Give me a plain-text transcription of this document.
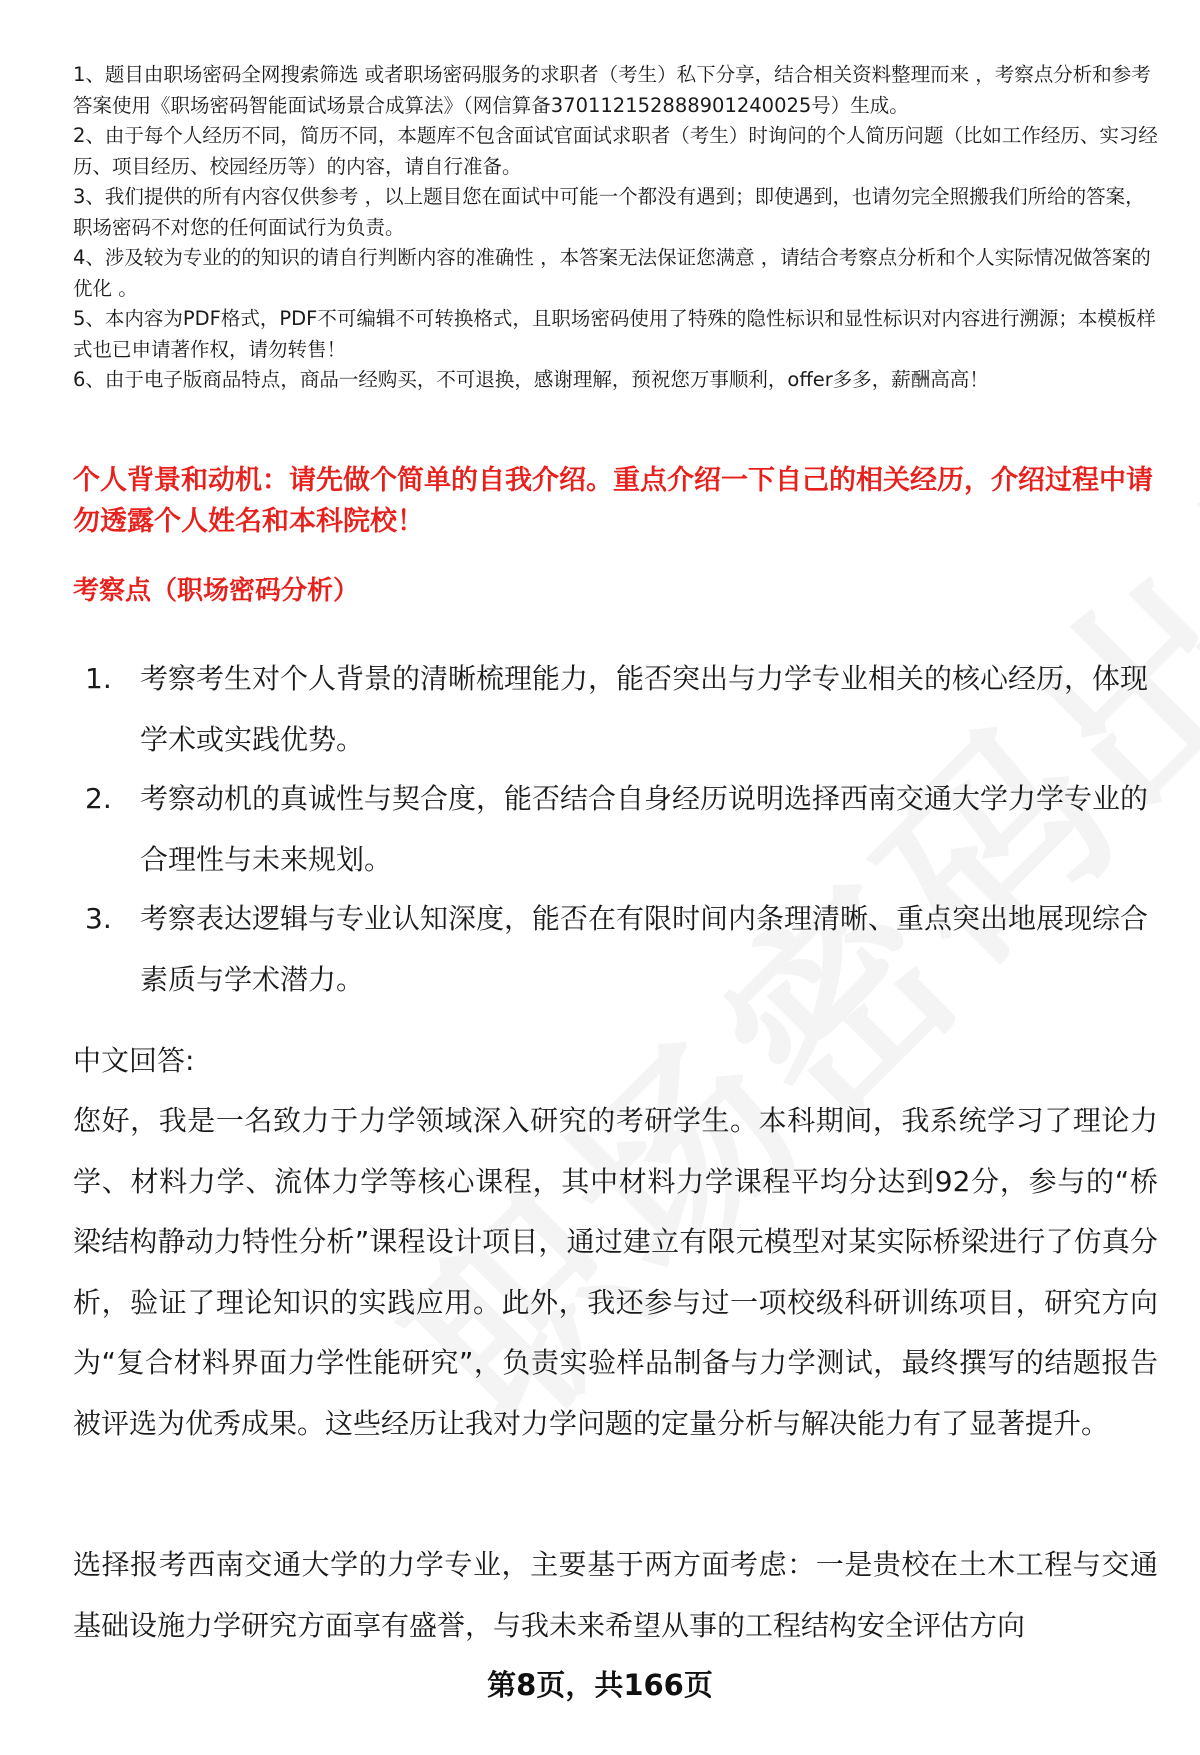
1、题目由职场密码全网搜索筛选 或者职场密码服务的求职者（考生）私下分享，结合相关资料整理而来 ，考察点分析和参考答案使用《职场密码智能面试场景合成算法》（网信算备370112152888901240025号）生成。

2、由于每个人经历不同，简历不同，本题库不包含面试官面试求职者（考生）时询问的个人简历问题（比如工作经历、实习经历、项目经历、校园经历等）的内容，请自行准备。

3、我们提供的所有内容仅供参考 ，以上题目您在面试中可能一个都没有遇到；即使遇到，也请勿完全照搬我们所给的答案，职场密码不对您的任何面试行为负责。

4、涉及较为专业的的知识的请自行判断内容的准确性 ，本答案无法保证您满意 ，请结合考察点分析和个人实际情况做答案的优化 。

5、本内容为PDF格式，PDF不可编辑不可转换格式，且职场密码使用了特殊的隐性标识和显性标识对内容进行溯源；本模板样式也已申请著作权，请勿转售！

6、由于电子版商品特点，商品一经购买，不可退换，感谢理解，预祝您万事顺利，offer多多，薪酬高高！

个人背景和动机：请先做个简单的自我介绍。重点介绍一下自己的相关经历，介绍过程中请勿透露个人姓名和本科院校！

考察点（职场密码分析）

1.	考察考生对个人背景的清晰梳理能力，能否突出与力学专业相关的核心经历，体现学术或实践优势。
2.	考察动机的真诚性与契合度，能否结合自身经历说明选择西南交通大学力学专业的合理性与未来规划。
3.	考察表达逻辑与专业认知深度，能否在有限时间内条理清晰、重点突出地展现综合素质与学术潜力。

中文回答:

您好，我是一名致力于力学领域深入研究的考研学生。本科期间，我系统学习了理论力学、材料力学、流体力学等核心课程，其中材料力学课程平均分达到92分，参与的“桥梁结构静动力特性分析”课程设计项目，通过建立有限元模型对某实际桥梁进行了仿真分析，验证了理论知识的实践应用。此外，我还参与过一项校级科研训练项目，研究方向为“复合材料界面力学性能研究”，负责实验样品制备与力学测试，最终撰写的结题报告被评选为优秀成果。这些经历让我对力学问题的定量分析与解决能力有了显著提升。

选择报考西南交通大学的力学专业，主要基于两方面考虑：一是贵校在土木工程与交通基础设施力学研究方面享有盛誉，与我未来希望从事的工程结构安全评估方向

第8页，共166页
